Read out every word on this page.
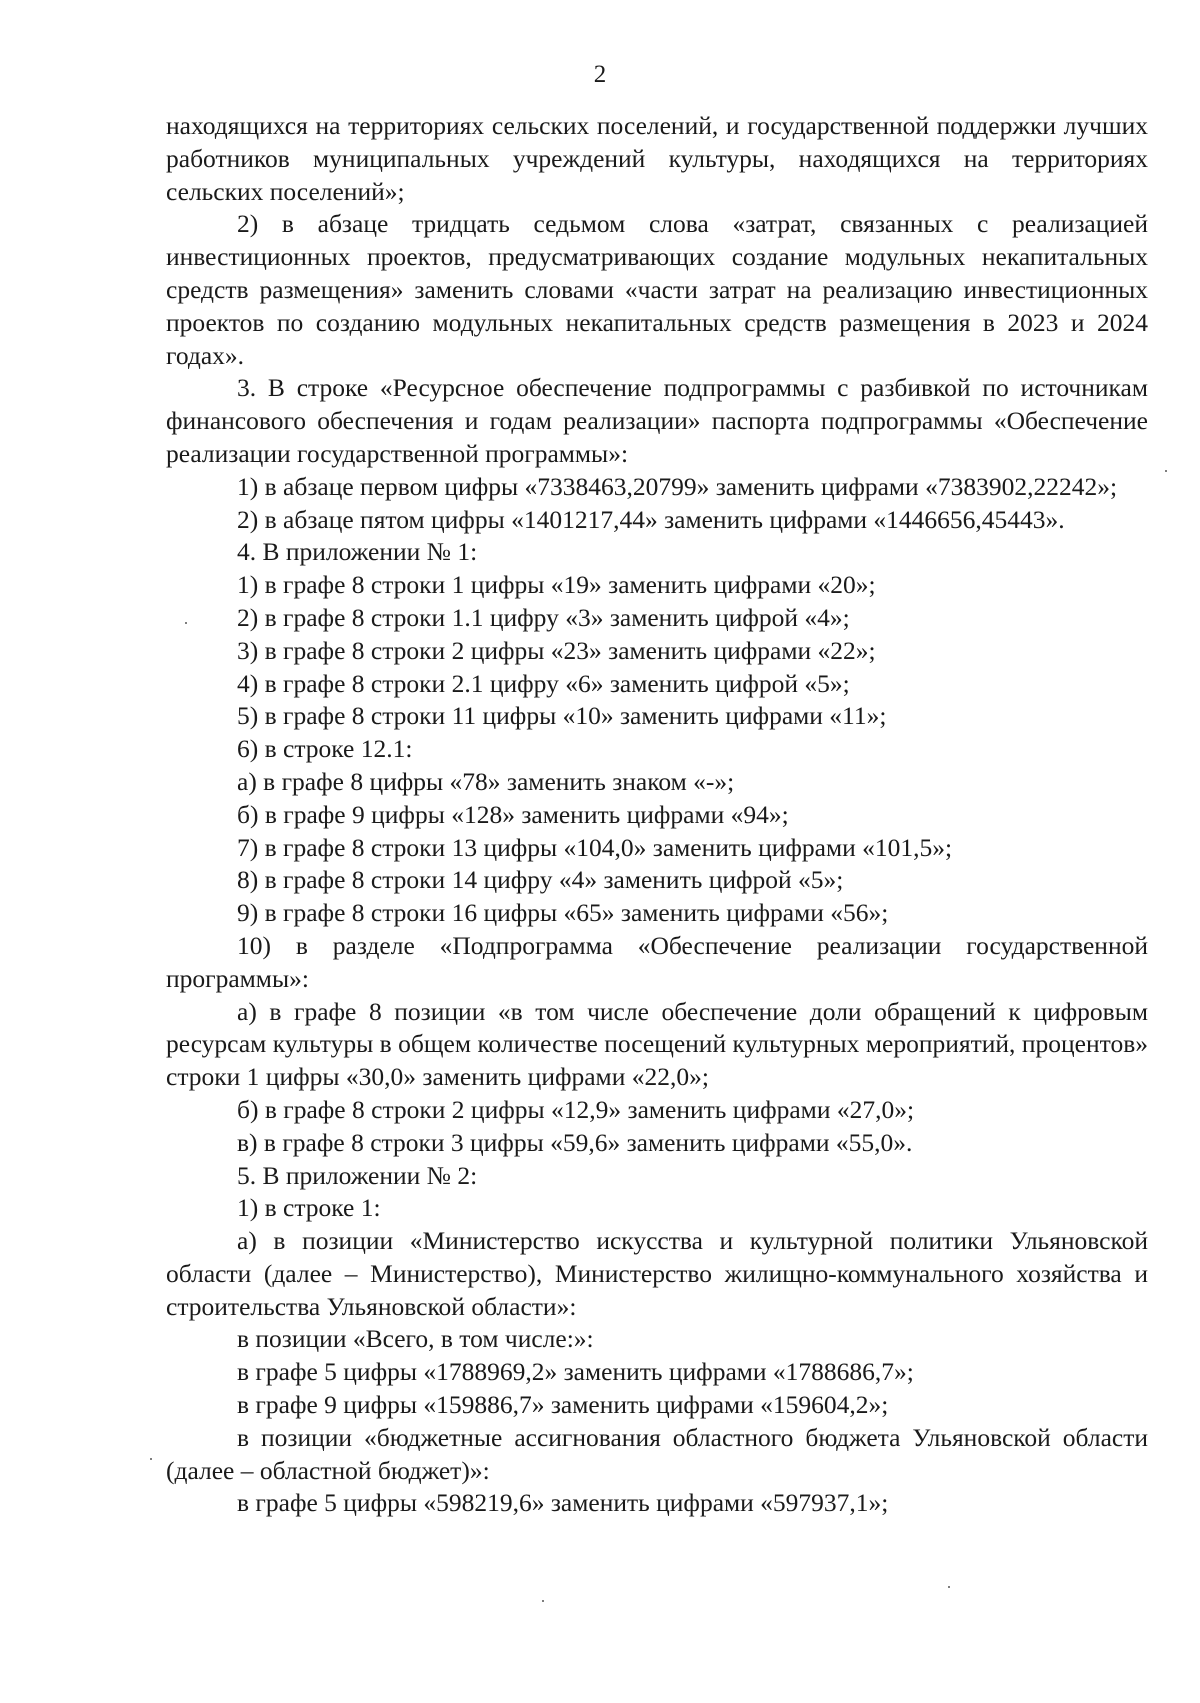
2

находящихся на территориях сельских поселений, и государственной поддержки лучших работников муниципальных учреждений культуры, находящихся на территориях сельских поселений»;

2) в абзаце тридцать седьмом слова «затрат, связанных с реализацией инвестиционных проектов, предусматривающих создание модульных некапитальных средств размещения» заменить словами «части затрат на реализацию инвестиционных проектов по созданию модульных некапитальных средств размещения в 2023 и 2024 годах».

3. В строке «Ресурсное обеспечение подпрограммы с разбивкой по источникам финансового обеспечения и годам реализации» паспорта подпрограммы «Обеспечение реализации государственной программы»:

1) в абзаце первом цифры «7338463,20799» заменить цифрами «7383902,22242»;

2) в абзаце пятом цифры «1401217,44» заменить цифрами «1446656,45443».

4. В приложении № 1:

1) в графе 8 строки 1 цифры «19» заменить цифрами «20»;

2) в графе 8 строки 1.1 цифру «3» заменить цифрой «4»;

3) в графе 8 строки 2 цифры «23» заменить цифрами «22»;

4) в графе 8 строки 2.1 цифру «6» заменить цифрой «5»;

5) в графе 8 строки 11 цифры «10» заменить цифрами «11»;

6) в строке 12.1:

а) в графе 8 цифры «78» заменить знаком «-»;

б) в графе 9 цифры «128» заменить цифрами «94»;

7) в графе 8 строки 13 цифры «104,0» заменить цифрами «101,5»;

8) в графе 8 строки 14 цифру «4» заменить цифрой «5»;

9) в графе 8 строки 16 цифры «65» заменить цифрами «56»;

10) в разделе «Подпрограмма «Обеспечение реализации государственной программы»:

а) в графе 8 позиции «в том числе обеспечение доли обращений к цифровым ресурсам культуры в общем количестве посещений культурных мероприятий, процентов» строки 1 цифры «30,0» заменить цифрами «22,0»;

б) в графе 8 строки 2 цифры «12,9» заменить цифрами «27,0»;

в) в графе 8 строки 3 цифры «59,6» заменить цифрами «55,0».

5. В приложении № 2:

1) в строке 1:

а) в позиции «Министерство искусства и культурной политики Ульяновской области (далее – Министерство), Министерство жилищно-коммунального хозяйства и строительства Ульяновской области»:

в позиции «Всего, в том числе:»:

в графе 5 цифры «1788969,2» заменить цифрами «1788686,7»;

в графе 9 цифры «159886,7» заменить цифрами «159604,2»;

в позиции «бюджетные ассигнования областного бюджета Ульяновской области (далее – областной бюджет)»:

в графе 5 цифры «598219,6» заменить цифрами «597937,1»;
